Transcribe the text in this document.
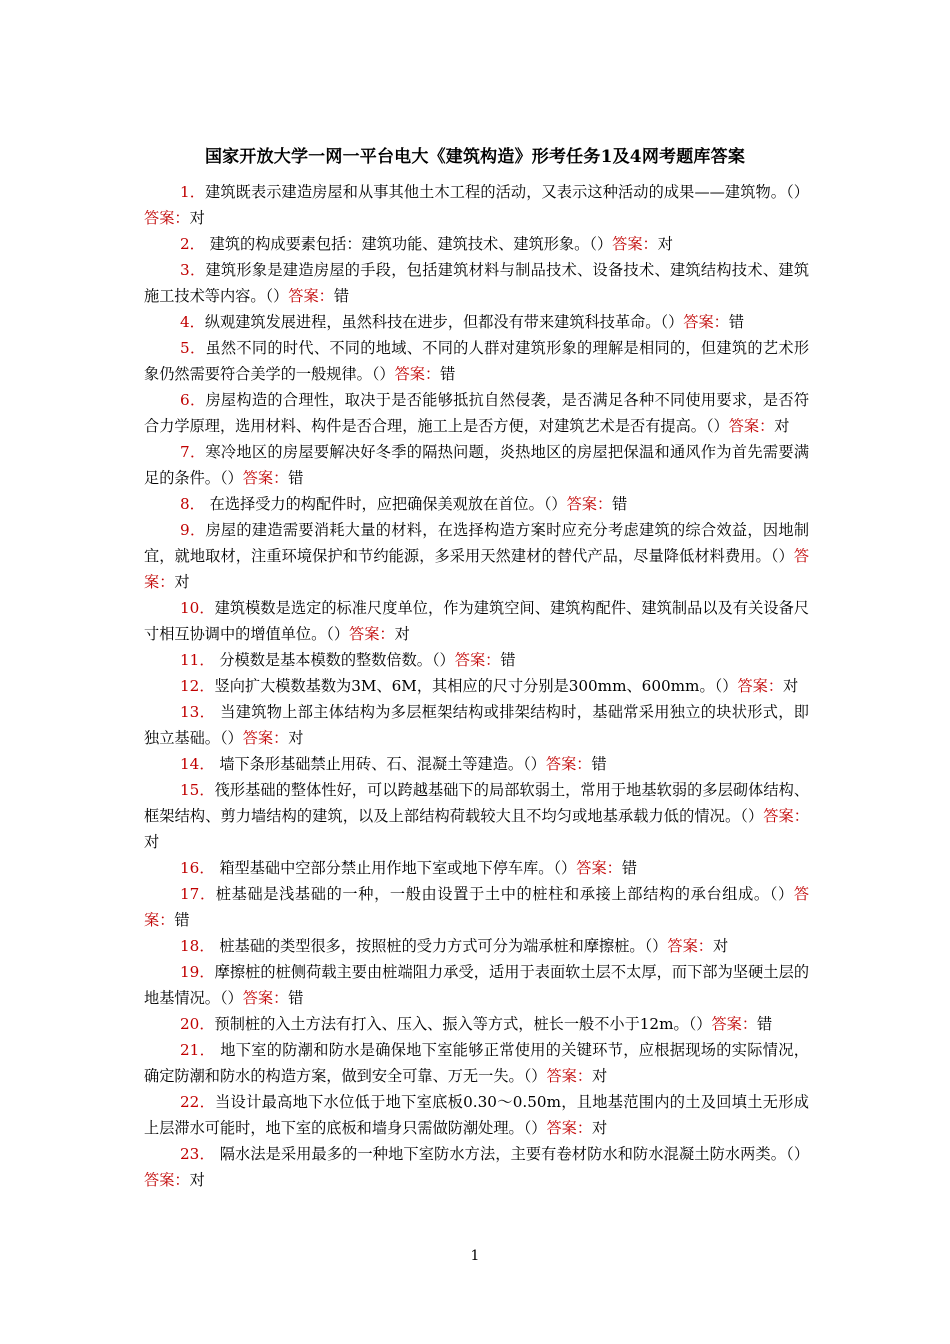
国家开放大学一网一平台电大《建筑构造》形考任务1及4网考题库答案

1．建筑既表示建造房屋和从事其他土木工程的活动，又表示这种活动的成果——建筑物。（）答案：对

2． 建筑的构成要素包括：建筑功能、建筑技术、建筑形象。（）答案：对

3．建筑形象是建造房屋的手段，包括建筑材料与制品技术、设备技术、建筑结构技术、建筑施工技术等内容。（）答案：错

4．纵观建筑发展进程，虽然科技在进步，但都没有带来建筑科技革命。（）答案：错

5．虽然不同的时代、不同的地域、不同的人群对建筑形象的理解是相同的，但建筑的艺术形象仍然需要符合美学的一般规律。（）答案：错

6．房屋构造的合理性，取决于是否能够抵抗自然侵袭，是否满足各种不同使用要求，是否符合力学原理，选用材料、构件是否合理，施工上是否方便，对建筑艺术是否有提高。（）答案：对

7．寒冷地区的房屋要解决好冬季的隔热问题，炎热地区的房屋把保温和通风作为首先需要满足的条件。（）答案：错

8． 在选择受力的构配件时，应把确保美观放在首位。（）答案：错

9．房屋的建造需要消耗大量的材料，在选择构造方案时应充分考虑建筑的综合效益，因地制宜，就地取材，注重环境保护和节约能源，多采用天然建材的替代产品，尽量降低材料费用。（）答案：对

10．建筑模数是选定的标准尺度单位，作为建筑空间、建筑构配件、建筑制品以及有关设备尺寸相互协调中的增值单位。（）答案：对

11． 分模数是基本模数的整数倍数。（）答案：错

12．竖向扩大模数基数为3M、6M，其相应的尺寸分别是300mm、600mm。（）答案：对

13． 当建筑物上部主体结构为多层框架结构或排架结构时，基础常采用独立的块状形式，即独立基础。（）答案：对

14． 墙下条形基础禁止用砖、石、混凝土等建造。（）答案：错

15．筏形基础的整体性好，可以跨越基础下的局部软弱土，常用于地基软弱的多层砌体结构、框架结构、剪力墙结构的建筑，以及上部结构荷载较大且不均匀或地基承载力低的情况。（）答案：对

16． 箱型基础中空部分禁止用作地下室或地下停车库。（）答案：错

17．桩基础是浅基础的一种，一般由设置于土中的桩柱和承接上部结构的承台组成。（）答案：错

18． 桩基础的类型很多，按照桩的受力方式可分为端承桩和摩擦桩。（）答案：对

19．摩擦桩的桩侧荷载主要由桩端阻力承受，适用于表面软土层不太厚，而下部为坚硬土层的地基情况。（）答案：错

20．预制桩的入土方法有打入、压入、振入等方式，桩长一般不小于12m。（）答案：错

21． 地下室的防潮和防水是确保地下室能够正常使用的关键环节，应根据现场的实际情况，确定防潮和防水的构造方案，做到安全可靠、万无一失。（）答案：对

22．当设计最高地下水位低于地下室底板0.30～0.50m，且地基范围内的土及回填土无形成上层滞水可能时，地下室的底板和墙身只需做防潮处理。（）答案：对

23． 隔水法是采用最多的一种地下室防水方法，主要有卷材防水和防水混凝土防水两类。（）答案：对

1
